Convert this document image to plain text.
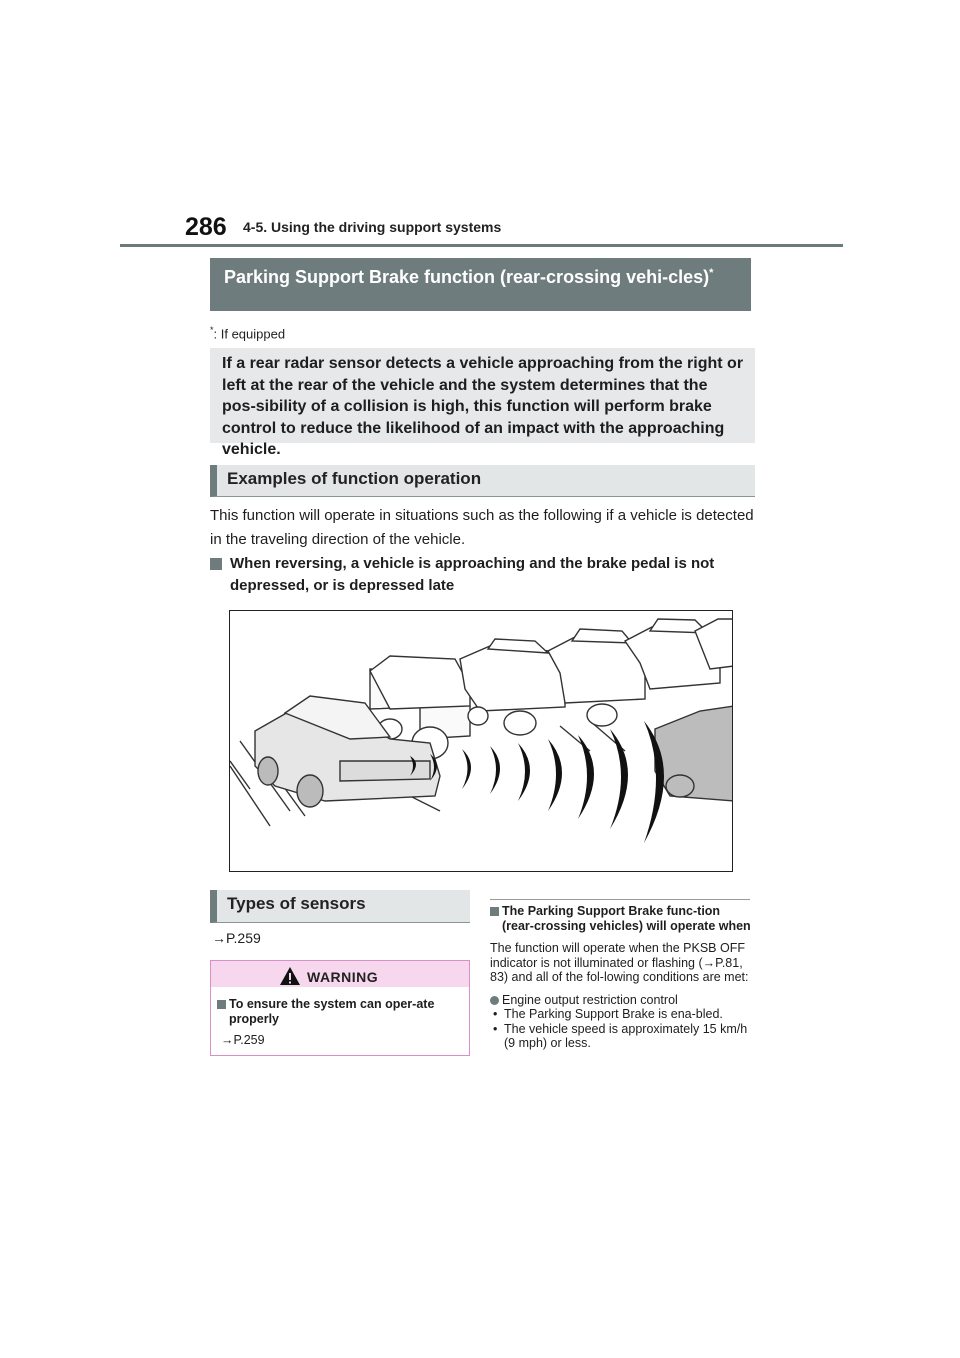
286 4-5. Using the driving support systems
Parking Support Brake function (rear-crossing vehi-cles)*
*: If equipped
If a rear radar sensor detects a vehicle approaching from the right or left at the rear of the vehicle and the system determines that the pos-sibility of a collision is high, this function will perform brake control to reduce the likelihood of an impact with the approaching vehicle.
Examples of function operation
This function will operate in situations such as the following if a vehicle is detected in the traveling direction of the vehicle.
When reversing, a vehicle is approaching and the brake pedal is not depressed, or is depressed late
Types of sensors
→P.259
WARNING
To ensure the system can oper-ate properly
→P.259
The Parking Support Brake func-tion (rear-crossing vehicles) will operate when

The function will operate when the PKSB OFF indicator is not illuminated or flashing (→P.81, 83) and all of the fol-lowing conditions are met:

Engine output restriction control

• The Parking Support Brake is ena-bled.

• The vehicle speed is approximately 15 km/h (9 mph) or less.
